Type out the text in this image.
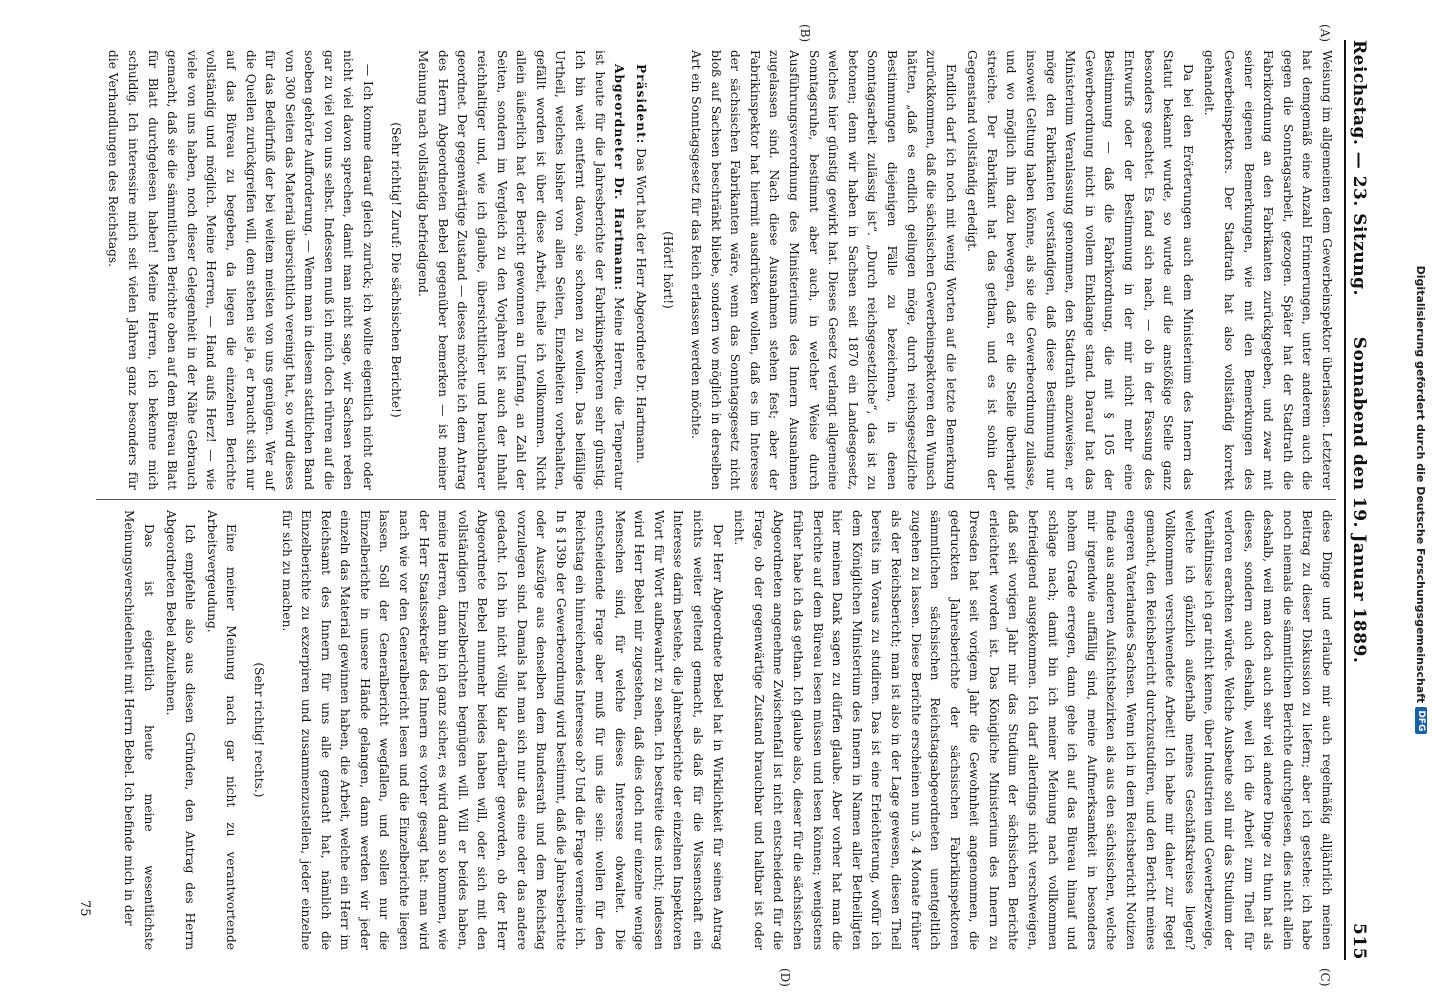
Digitalisierung gefördert durch die Deutsche Forschungsgemeinschaft
DFG
Reichstag. — 23. Sitzung.
Sonnabend den 19. Januar 1889.
515
(A)
(B)
(C)
(D)

Weisung im allgemeinen dem Gewerbeinspektor überlassen. Letzterer hat demgemäß eine Anzahl Erinnerungen, unter anderem auch die gegen die Sonntagsarbeit, gezogen. Später hat der Stadtrath die Fabrikordnung an den Fabrikanten zurückgegeben, und zwar mit seiner eigenen Bemerkungen, wie mit den Bemerkungen des Gewerbeinspektors. Der Stadtrath hat also vollständig korrekt gehandelt.

Da bei den Erörterungen auch dem Ministerium des Innern das Statut bekannt wurde, so wurde auf die anstößige Stelle ganz besonders geachtet. Es fand sich nach, — ob in der Fassung des Entwurfs oder der Bestimmung in der mir nicht mehr eine Bestimmung — daß die Fabrikordnung, die mit § 105 der Gewerbeordnung nicht in vollem Einklange stand. Darauf hat das Ministerium Veranlassung genommen, den Stadtrath anzuweisen, er möge den Fabrikanten verständigen, daß diese Bestimmung nur insoweit Geltung haben könne, als sie die Gewerbeordnung zulasse, und wo möglich ihn dazu bewegen, daß er die Stelle überhaupt streiche. Der Fabrikant hat das gethan, und es ist sohin der Gegenstand vollständig erledigt.

Endlich darf ich noch mit wenig Worten auf die letzte Bemerkung zurückkommen, daß die sächsischen Gewerbeinspektoren den Wunsch hätten, „daß es endlich gelingen möge, durch reichsgesetzliche Bestimmungen diejenigen Fälle zu bezeichnen, in denen Sonntagsarbeit zulässig ist“. „Durch reichsgesetzliche“, das ist zu betonen; denn wir haben in Sachsen seit 1870 ein Landesgesetz, welches hier günstig gewirkt hat. Dieses Gesetz verlangt allgemeine Sonntagsruhe, bestimmt aber auch, in welcher Weise durch Ausführungsverordnung des Ministeriums des Innern Ausnahmen zugelassen sind. Nach diese Ausnahmen stehen fest; aber der Fabrikinspektor hat hiermit ausdrücken wollen, daß es im Interesse der sächsischen Fabrikanten wäre, wenn das Sonntagsgesetz nicht bloß auf Sachsen beschränkt bliebe, sondern wo möglich in derselben Art ein Sonntagsgesetz für das Reich erlassen werden möchte.

(Hört! hört!)

Präsident: Das Wort hat der Herr Abgeordnete Dr. Hartmann.

Abgeordneter Dr. Hartmann: Meine Herren, die Tenperatur ist heute für die Jahresberichte der Fabrikinspektoren sehr günstig. Ich bin weit entfernt davon, sie schonen zu wollen. Das beifällige Urtheil, welches bisher von allen Seiten, Einzelheiten vorbehalten, gefällt worden ist über diese Arbeit, theile ich vollkommen. Nicht allein äußerlich hat der Bericht gewonnen an Umfang, an Zahl der Seiten, sondern im Vergleich zu den Vorjahren ist auch der Inhalt reichhaltiger und, wie ich glaube, übersichtlicher und brauchbarer geordnet. Der gegenwärtige Zustand — dieses möchte ich dem Antrag des Herrn Abgeordneten Bebel gegenüber bemerken — ist meiner Meinung nach vollständig befriedigend.

(Sehr richtig! Zuruf: Die sächsischen Berichte!)

— Ich komme darauf gleich zurück; ich wollte eigentlich nicht oder nicht viel davon sprechen, damit man nicht sage, wir Sachsen reden gar zu viel von uns selbst. Indessen muß ich mich doch rühren auf die soeben gehörte Aufforderung. — Wenn man in diesem stattlichen Band von 300 Seiten das Material übersichtlich vereinigt hat, so wird dieses für das Bedürfniß der bei weitem meisten von uns genügen. Wer auf die Quellen zurückgreifen will, dem stehen sie ja, er braucht sich nur auf das Büreau zu begeben, da liegen die einzelnen Berichte vollständig und möglich. Meine Herren, — Hand aufs Herz! — wie viele von uns haben, noch dieser Gelegenheit in der Nähe Gebrauch gemacht, daß sie die sämmtlichen Berichte oben auf dem Büreau Blatt für Blatt durchgelesen haben! Meine Herren, ich bekenne mich schuldig. Ich interessire mich seit vielen Jahren ganz besonders für die Verhandlungen des Reichstags.

diese Dinge und erlaube mir auch regelmäßig alljährlich meinen Beitrag zu dieser Diskussion zu liefern; aber ich gestehe: ich habe noch niemals die sämmtlichen Berichte durchgelesen, dies nicht allein deshalb, weil man doch auch sehr viel andere Dinge zu thun hat als dieses, sondern auch deshalb, weil ich die Arbeit zum Theil für verloren erachten würde. Welche Ausbeute soll mir das Studium der Verhältnisse ich gar nicht kenne, über Industrien und Gewerbezweige, welche ich gänzlich außerhalb meines Geschäftskreises liegen? Vollkommen verschwendete Arbeit! Ich habe mir daher zur Regel gemacht, den Reichsbericht durchzustudiren, und den Bericht meines engeren Vaterlandes Sachsen. Wenn ich in dem Reichsbericht Notizen finde aus anderen Aufsichtsbezirken als aus den sächsischen, welche mir irgendwie auffällig sind, meine Aufmerksamkeit in besonders hohem Grade erregen, dann gehe ich auf das Büreau hinauf und schlage nach; damit bin ich meiner Meinung nach vollkommen befriedigend ausgekommen. Ich darf allerdings nicht verschweigen, daß seit vorigen Jahr mir das Studium der sächsischen Berichte erleichtert worden ist. Das Königliche Ministerium des Innern zu Dresden hat seit vorigem Jahr die Gewohnheit angenommen, die gedruckten Jahresberichte der sächsischen Fabrikinspektoren sämmtlichen sächsischen Reichstagsabgeordneten unentgeltlich zugehen zu lassen. Diese Berichte erscheinen nun 3, 4 Monate früher als der Reichsbericht; man ist also in der Lage gewesen, diesen Theil bereits im Voraus zu studiren. Das ist eine Erleichterung, wofür ich dem Königlichen Ministerium des Innern in Namen aller Betheiligten hier meinen Dank sagen zu dürfen glaube. Aber vorher hat man die Berichte auf dem Büreau lesen müssen und lesen können; wenigstens früher habe ich das gethan. Ich glaube also, dieser für die sächsischen Abgeordneten angenehme Zwischenfall ist nicht entscheidend für die Frage, ob der gegenwärtige Zustand brauchbar und haltbar ist oder nicht.

Der Herr Abgeordnete Bebel hat in Wirklichkeit für seinen Antrag nichts weiter geltend gemacht, als daß für die Wissenschaft ein Interesse darin bestehe, die Jahresberichte der einzelnen Inspektoren Wort für Wort aufbewahrt zu sehen. Ich bestreite dies nicht; indessen wird Herr Bebel mir zugestehen, daß dies doch nur einzelne wenige Menschen sind, für welche dieses Interesse obwaltet. Die entscheidende Frage aber muß für uns die sein: wollen für den Reichstag ein hinreichendes Interesse ob? Und die Frage verneine ich. In § 139b der Gewerbeordnung wird bestimmt, daß die Jahresberichte oder Auszüge aus denselben dem Bundesrath und dem Reichstag vorzulegen sind. Damals hat man sich nur das eine oder das andere gedacht. Ich bin nicht völlig klar darüber geworden, ob der Herr Abgeordnete Bebel nunmehr beides haben will, oder sich mit den vollständigen Einzelberichten begnügen will. Will er beides haben, meine Herren, dann bin ich ganz sicher, es wird dann so kommen, wie der Herr Staatssekretär des Innern es vorher gesagt hat: man wird nach wie vor den Generalbericht lesen und die Einzelberichte liegen lassen. Soll der Generalbericht wegfallen, und sollen nur die Einzelberichte in unsere Hände gelangen, dann werden wir jeder einzeln das Material gewinnen haben, die Arbeit, welche ein Herr im Reichsamt des Innern für uns alle gemacht hat, nämlich die Einzelberichte zu exzerpiren und zusammenzustellen, jeder einzelne für sich zu machen.

(Sehr richtig! rechts.)

Eine meiner Meinung nach gar nicht zu verantwortende Arbeitsvergeudung.

Ich empfehle also aus diesen Gründen, den Antrag des Herrn Abgeordneten Bebel abzulehnen.

Das ist eigentlich heute meine wesentlichste Meinungsverschiedenheit mit Herrn Bebel. Ich befinde mich in der

75
